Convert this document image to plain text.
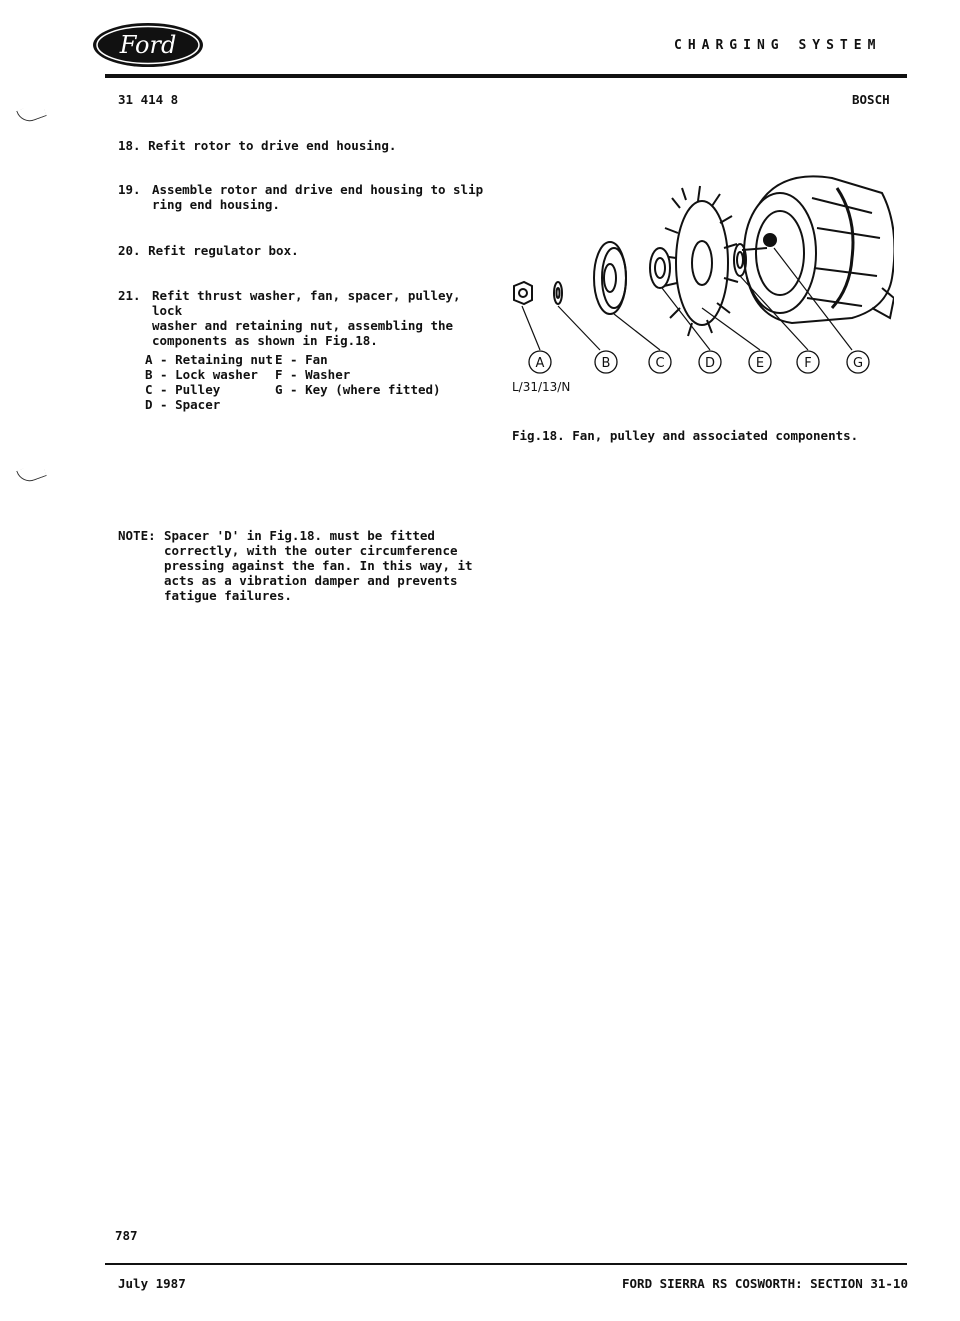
Ford	CHARGING SYSTEM
31 414 8	BOSCH
18. Refit rotor to drive end housing.
19. Assemble rotor and drive end housing to slip
ring end housing.
20. Refit regulator box.
21. Refit thrust washer, fan, spacer, pulley, lock
washer and retaining nut, assembling the
components as shown in Fig.18.
A - Retaining nut E - Fan
B - Lock washer	F - Washer
C - Pulley	G - Key (where fitted)
D - Spacer
NOTE: Spacer 'D' in Fig.18. must be fitted
correctly, with the outer circumference
pressing against the fan. In this way, it
acts as a vibration damper and prevents
fatigue failures.
A	B	C	D	E	F	G
L/31/13/N
Fig.18. Fan, pulley and associated components.
787
July 1987	FORD SIERRA RS COSWORTH: SECTION 31-10
